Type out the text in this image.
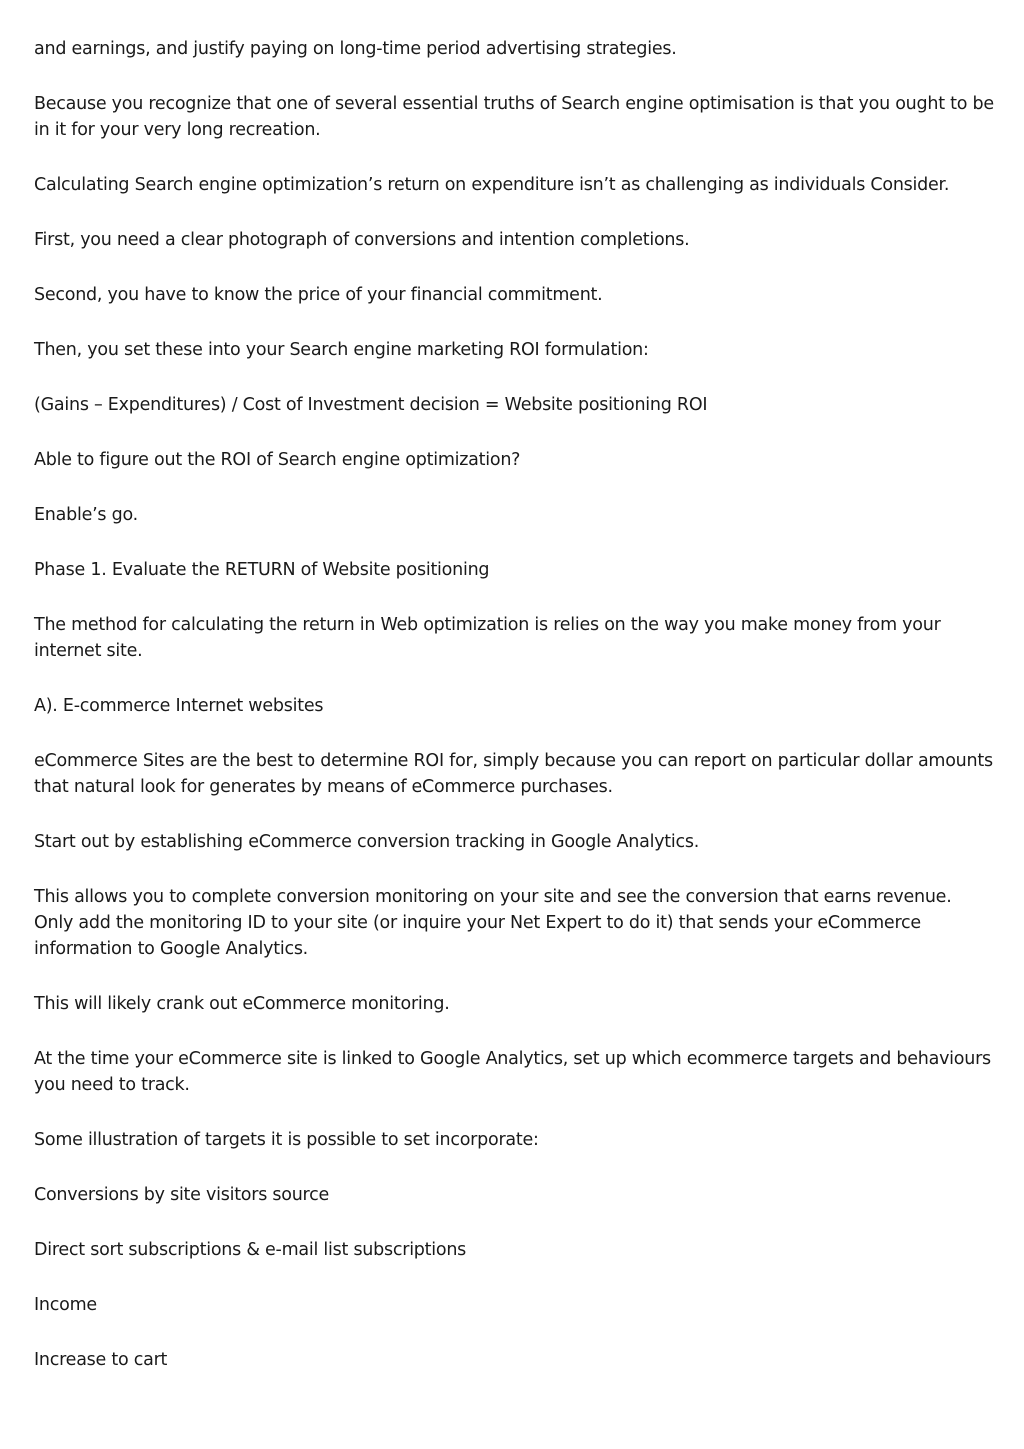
and earnings, and justify paying on long-time period advertising strategies.

Because you recognize that one of several essential truths of Search engine optimisation is that you ought to be in it for your very long recreation.

Calculating Search engine optimization’s return on expenditure isn’t as challenging as individuals Consider.

First, you need a clear photograph of conversions and intention completions.

Second, you have to know the price of your financial commitment.

Then, you set these into your Search engine marketing ROI formulation:

(Gains – Expenditures) / Cost of Investment decision = Website positioning ROI

Able to figure out the ROI of Search engine optimization?

Enable’s go.

Phase 1. Evaluate the RETURN of Website positioning

The method for calculating the return in Web optimization is relies on the way you make money from your internet site.

A). E-commerce Internet websites

eCommerce Sites are the best to determine ROI for, simply because you can report on particular dollar amounts that natural look for generates by means of eCommerce purchases.

Start out by establishing eCommerce conversion tracking in Google Analytics.

This allows you to complete conversion monitoring on your site and see the conversion that earns revenue. Only add the monitoring ID to your site (or inquire your Net Expert to do it) that sends your eCommerce information to Google Analytics.

This will likely crank out eCommerce monitoring.

At the time your eCommerce site is linked to Google Analytics, set up which ecommerce targets and behaviours you need to track.

Some illustration of targets it is possible to set incorporate:

Conversions by site visitors source

Direct sort subscriptions & e-mail list subscriptions

Income

Increase to cart
